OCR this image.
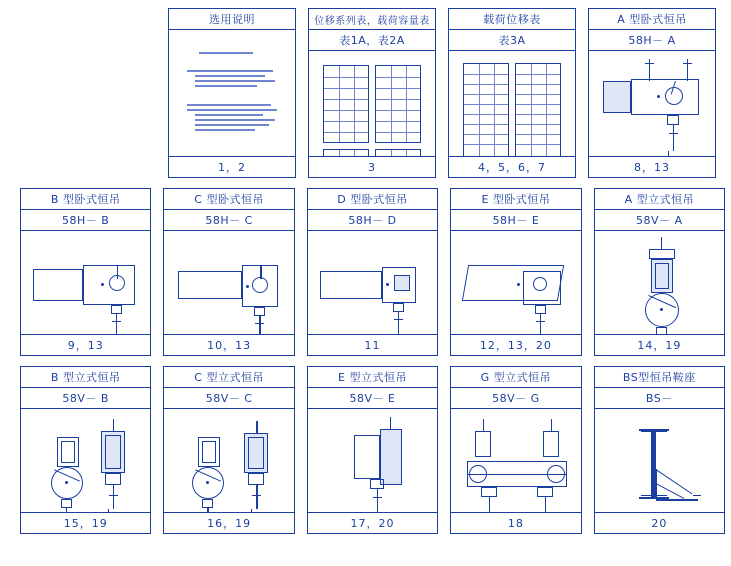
选用说明
1，2
位移系列表，载荷容量表
表1A，表2A
3
载荷位移表
表3A
4，5，6，7
A 型卧式恒吊
58H－ A
8，13
B 型卧式恒吊
58H－ B
9，13
C 型卧式恒吊
58H－ C
10，13
D 型卧式恒吊
58H－ D
11
E 型卧式恒吊
58H－ E
12，13，20
A 型立式恒吊
58V－ A
14，19
B 型立式恒吊
58V－ B
15，19
C 型立式恒吊
58V－ C
16，19
E 型立式恒吊
58V－ E
17，20
G 型立式恒吊
58V－ G
18
BS型恒吊鞍座
BS－
20
